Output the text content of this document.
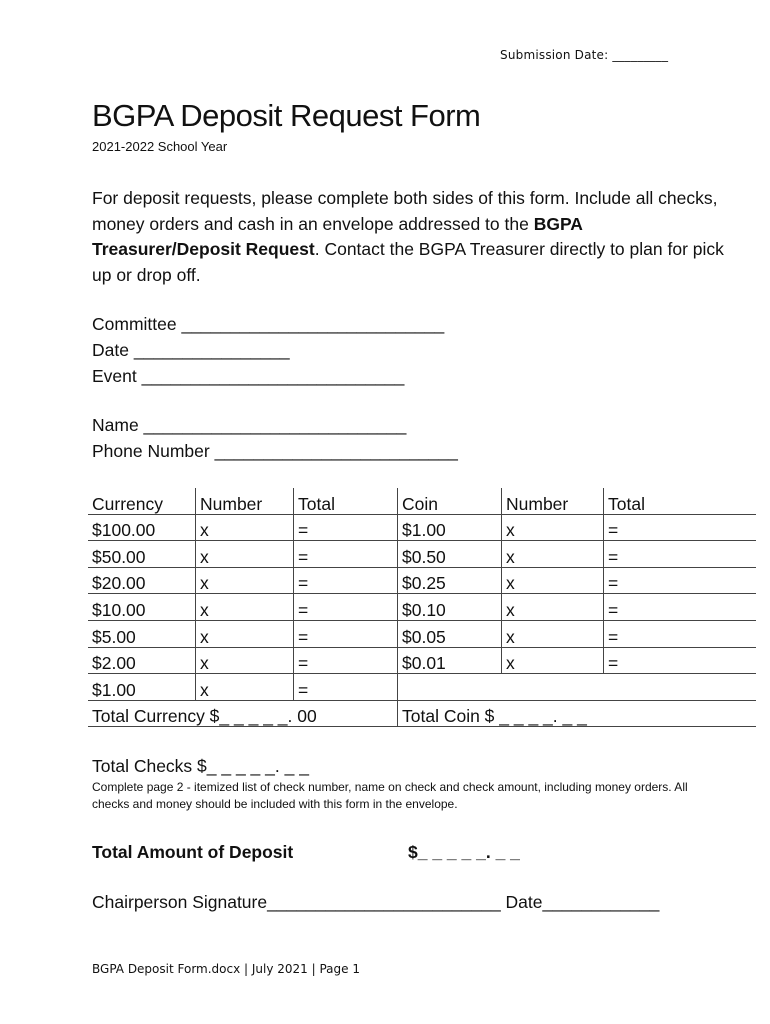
Submission Date: _________
BGPA Deposit Request Form
2021-2022 School Year
For deposit requests, please complete both sides of this form. Include all checks, money orders and cash in an envelope addressed to the BGPA Treasurer/Deposit Request. Contact the BGPA Treasurer directly to plan for pick up or drop off.
Committee ___________________________
Date ________________
Event ___________________________
Name ___________________________
Phone Number _________________________
Currency	Number	Total	Coin	Number	Total
$100.00	x	=	$1.00	x	=
$50.00	x	=	$0.50	x	=
$20.00	x	=	$0.25	x	=
$10.00	x	=	$0.10	x	=
$5.00	x	=	$0.05	x	=
$2.00	x	=	$0.01	x	=
$1.00	x	=			
Total Currency $_ _ _ _ _. 00			Total Coin $ _ _ _ _. _ _		
Total Checks $_ _ _ _ _. _ _
Complete page 2 - itemized list of check number, name on check and check amount, including money orders. All checks and money should be included with this form in the envelope.
Total Amount of Deposit	$_ _ _ _ _. _ _
Chairperson Signature________________________ Date____________
BGPA Deposit Form.docx | July 2021 | Page 1
